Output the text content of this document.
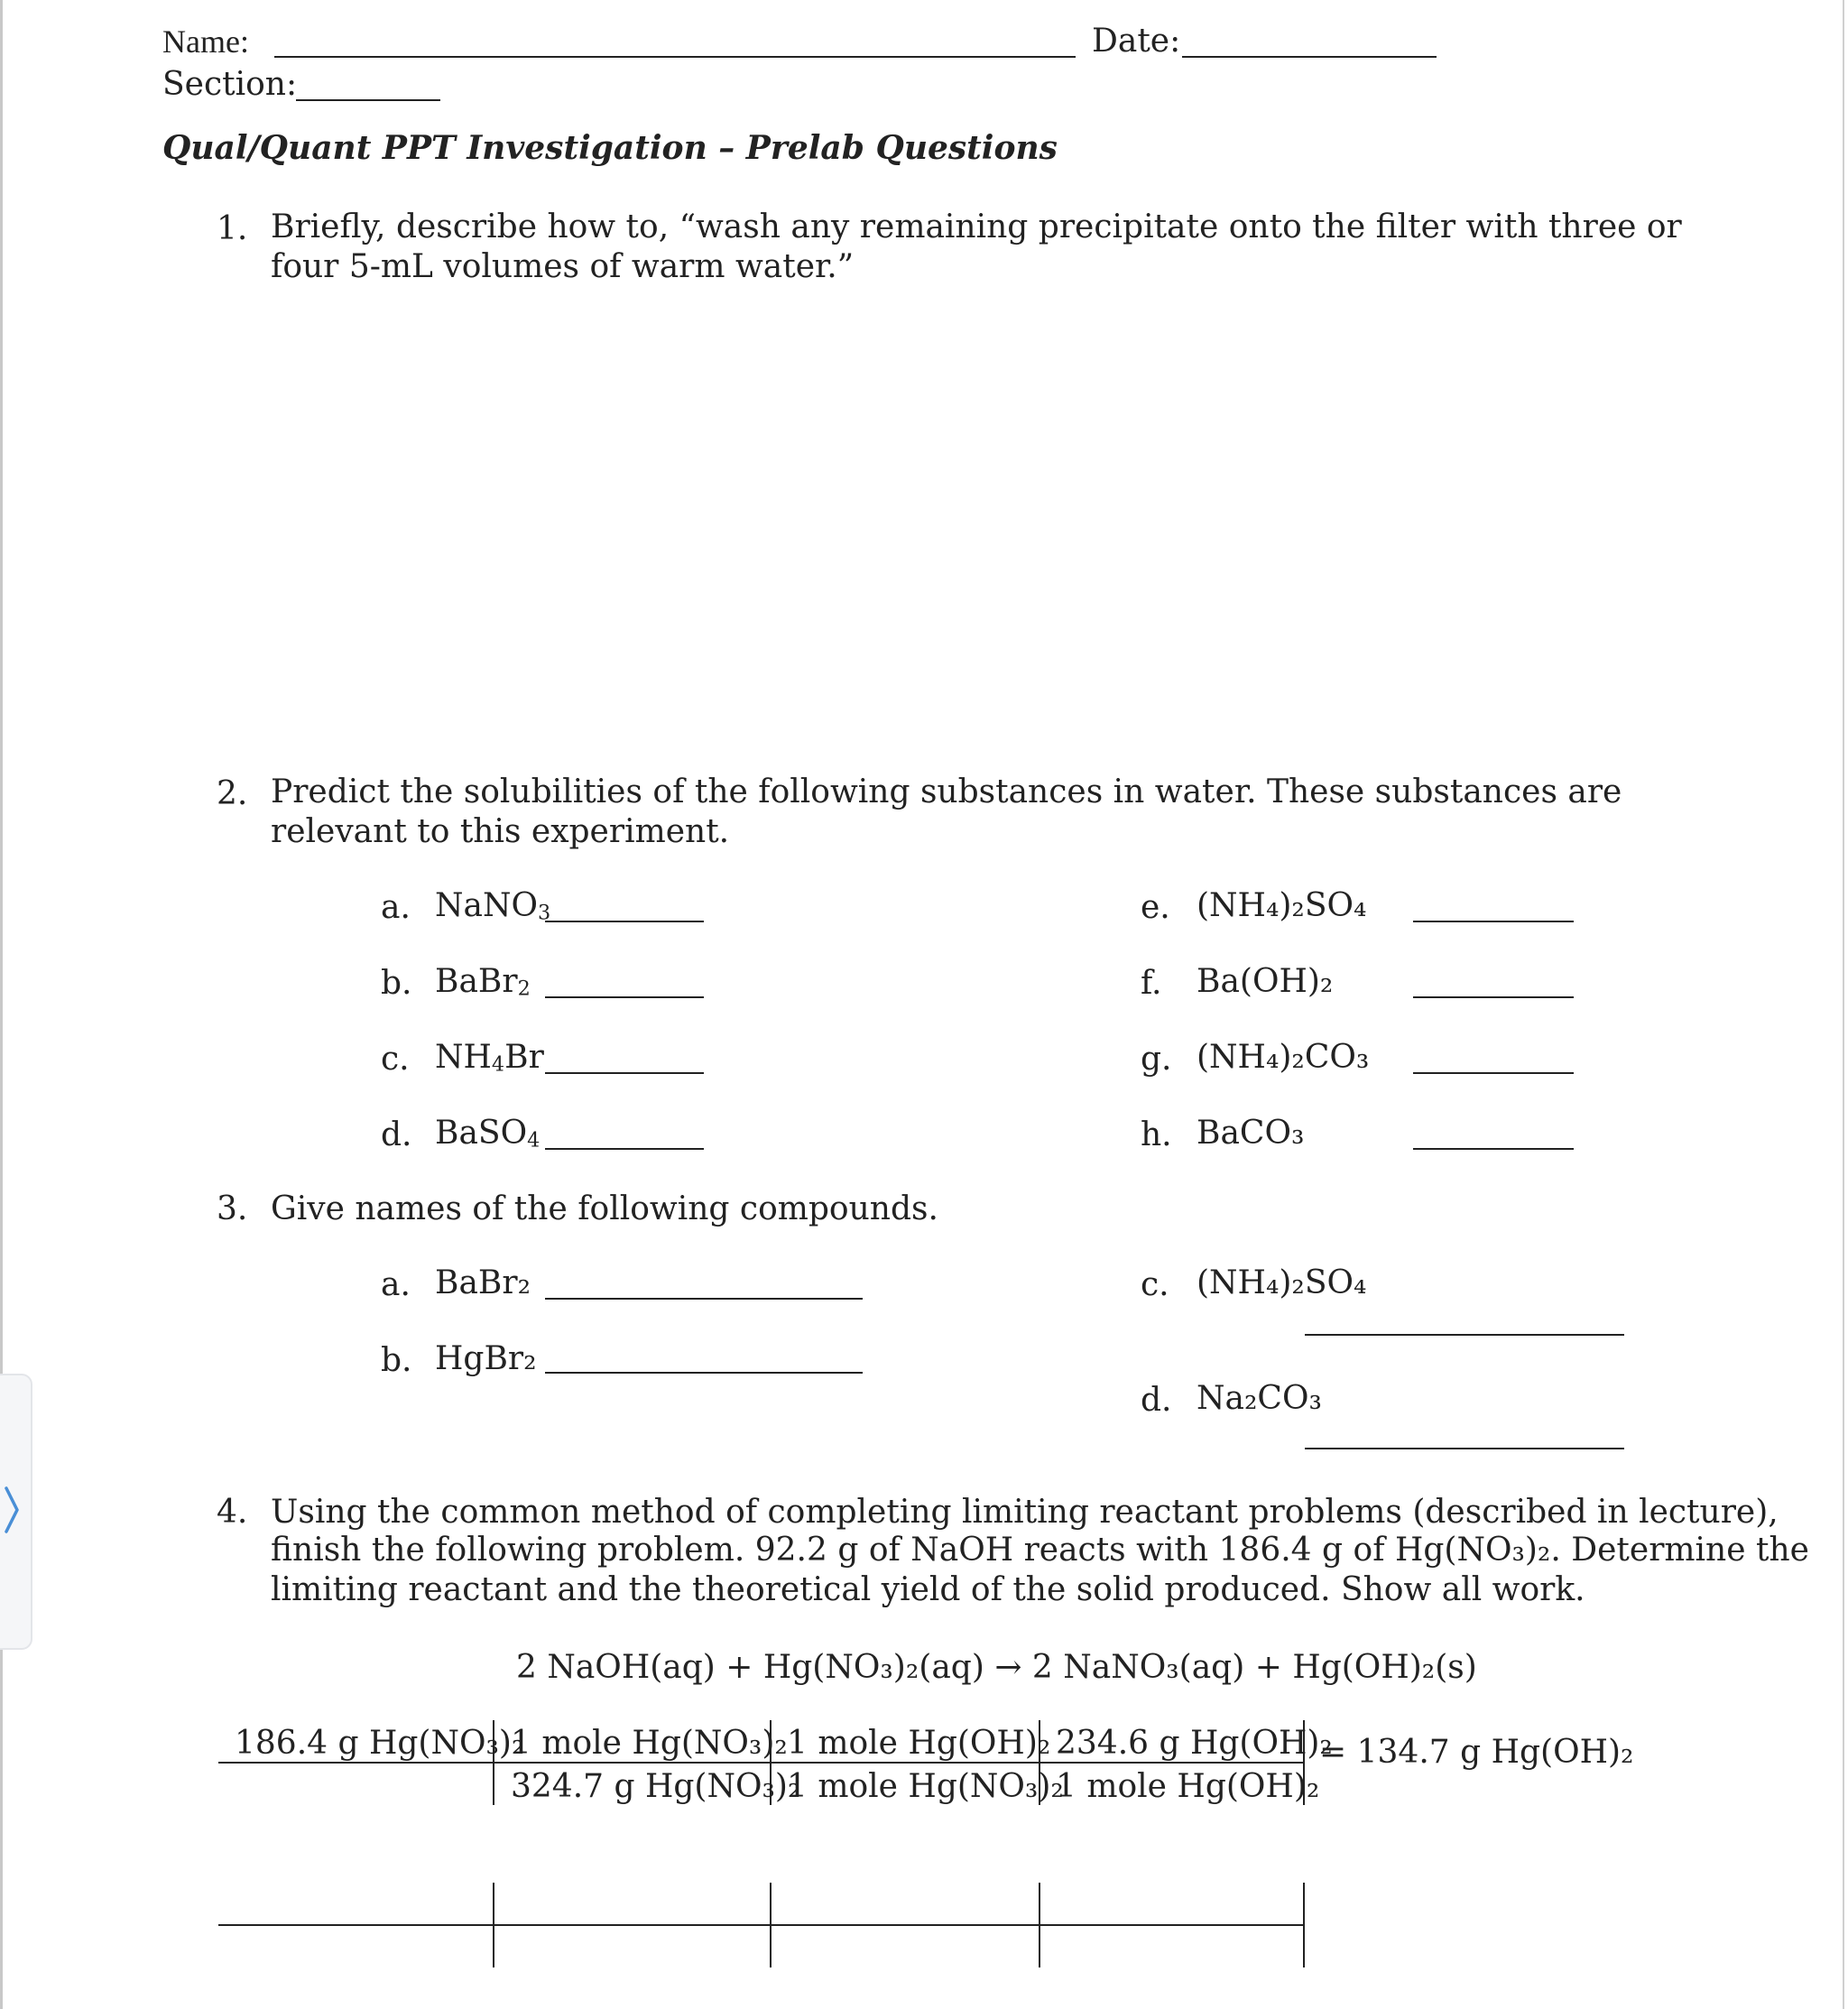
Name:	Date:
Section:
Qual/Quant PPT Investigation – Prelab Questions
1. Briefly, describe how to, “wash any remaining precipitate onto the filter with three or four 5-mL volumes of warm water.”
2. Predict the solubilities of the following substances in water. These substances are relevant to this experiment.
a. NaNO$_3$
b. BaBr$_2$
c. $NH_4Br$
d. BaSO$_4$
e. (NH₄)₂SO₄
f. Ba(OH)₂
g. (NH₄)₂CO₃
h. BaCO₃
3. Give names of the following compounds.
a. BaBr₂
b. HgBr₂
c. (NH₄)₂SO₄
d. Na₂CO₃
4. Using the common method of completing limiting reactant problems (described in lecture),
finish the following problem. 92.2 g of NaOH reacts with 186.4 g of Hg(NO₃)₂. Determine the
limiting reactant and the theoretical yield of the solid produced. Show all work.
2 NaOH(aq) + Hg(NO₃)₂(aq) → 2 NaNO₃(aq) + Hg(OH)₂(s)
186.4 g Hg(NO₃)₂
1 mole Hg(NO₃)₂
324.7 g Hg(NO₃)₂
1 mole Hg(OH)₂
1 mole Hg(NO₃)₂
234.6 g Hg(OH)₂
1 mole Hg(OH)₂
= 134.7 g Hg(OH)₂
